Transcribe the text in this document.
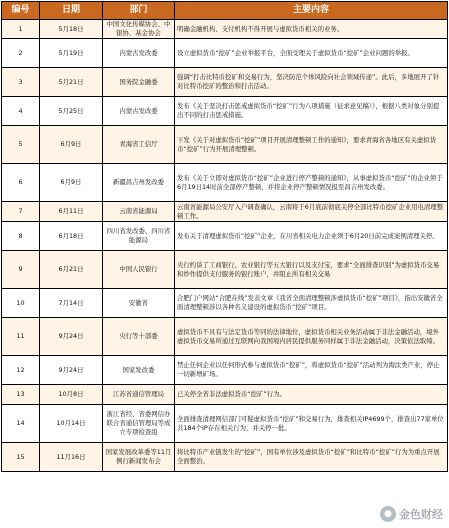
编号	日期	部门	主要内容
1	5月18日	中国文化传媒协会、中银协、基金协会	明确金融机构、支付机构不得开展与虚拟货币相关的业务。
2	5月19日	内蒙古发改委	设立虚拟货币“挖矿”企业举报平台，全面受理关于虚拟货币“挖矿”企业问题的举报。
3	5月21日	国务院金融委	强调“打击比特币挖矿和交易行为，坚决防范个体风险向社会领域传递”。此后，多地展开了针对比特币挖矿的整治和打击活动。
4	5月25日	内蒙古发改委	发布《关于坚决打击惩戒虚拟货币“挖矿”行为八项措施（征求意见稿）》，根据八类对象分别提出不同的打击惩戒措施。
5	6月9日	青海省工信厅	下发《关于对虚拟货币“挖矿”项目开展清理整顿工作的通知》，要求青海省各地区有关虚拟货币“挖矿”行为开展清理整顿。
6	6月9日	新疆昌吉州发改委	发布《关于立即对虚拟货币“挖矿”企业进行停产整顿的通知》，从事虚拟货币“挖矿”的企业须于6月19日14时前全部停产整顿，并将企业停产整顿情况报至昌吉州发改委。
7	6月11日	云南省能源局	云南省能源局公安厅入户调查确认，云南将于6月底前彻底关停全部比特币挖矿企业用电清理整顿工作。
8	6月18日	四川省发改委、四川省能源局	发布关于清理虚拟货币“挖矿”企业，在川省相关电力企业须于6月20日前完成案例清理关停。
9	6月21日	中国人民银行	央行约谈了工商银行、农业银行等五大银行以及支付宝，要求“全面排查识别”为虚拟货币交易和炒作提供支付服务的银行账户，并阻止所有相关交易
10	7月14日	安徽省	合肥门户网站“合肥在线”发表文章《我省全面清理整顿涉虚拟货币“挖矿”项目》，指出安徽省全面清理整顿涉以各种名义建设的虚拟货币“挖矿”项目。
11	9月24日	央行等十部委	虚拟货币不具有与法定货币等同的法律地位，虚拟货币相关业务活动属于非法金融活动，境外虚拟货币交易所通过互联网向我国境内居民提供服务同样属于非法金融活动，决策依法取缔。
12	9月24日	国家发改委	禁止任何企业以任何形式参与虚拟货币“挖矿”，将虚拟货币“挖矿”活动列为淘汰类产业，停止一切新增矿场。
13	10月8日	江苏省通信管理局	已关停全省非法虚拟货币“挖矿”行为。
14	10月14日	浙江省经、省委网信办联合省通信管理局等成立专项检查组	全面排查清理网信部门可疑虚拟货币“挖矿”和交易行为，排查相关IP4699个，排查出77家单位共184个IP存在相关行为，并关停一批。
15	11月16日	国家发展改革委等11月例行新闻发布会	将比特币产业链发生的“挖矿”，国有单位涉及虚拟货币“挖矿”和比特币“挖矿”行为为重点开展全面整治。
● 金色财经
